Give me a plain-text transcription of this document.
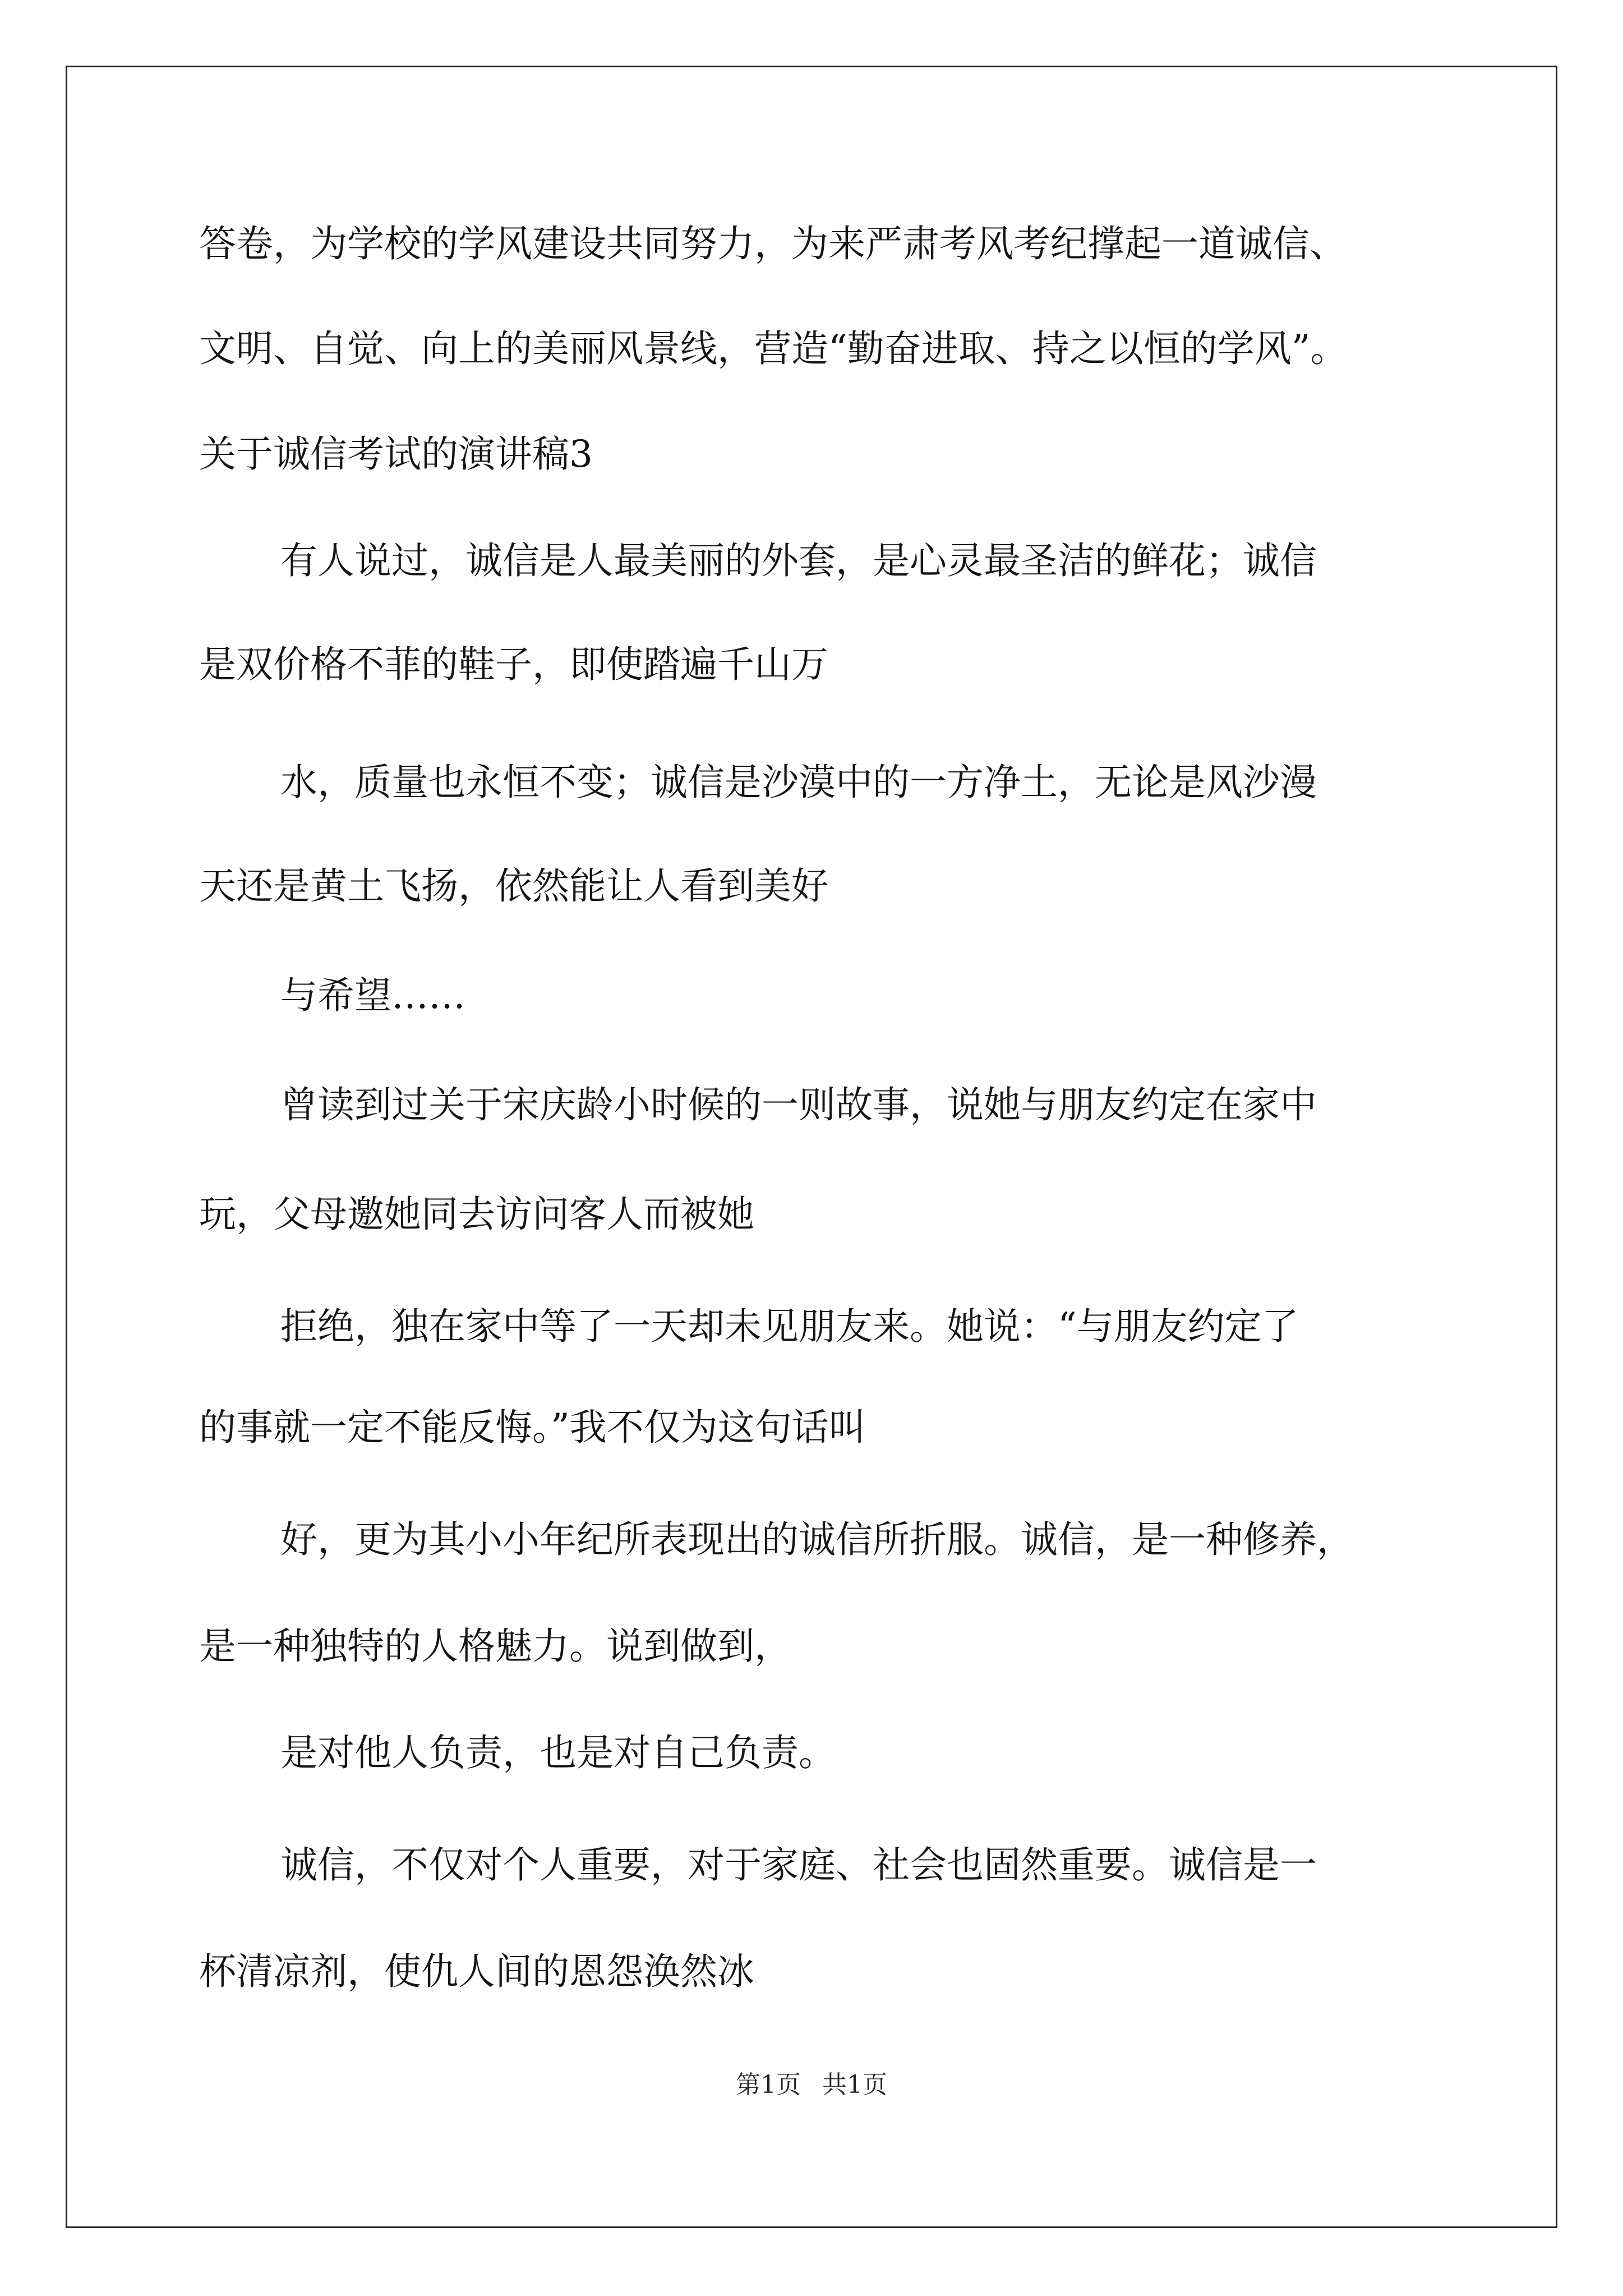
答卷，为学校的学风建设共同努力，为来严肃考风考纪撑起一道诚信、
文明、自觉、向上的美丽风景线，营造“勤奋进取、持之以恒的学风”。
关于诚信考试的演讲稿3
有人说过，诚信是人最美丽的外套，是心灵最圣洁的鲜花；诚信
是双价格不菲的鞋子，即使踏遍千山万
水，质量也永恒不变；诚信是沙漠中的一方净土，无论是风沙漫
天还是黄土飞扬，依然能让人看到美好
与希望……
曾读到过关于宋庆龄小时候的一则故事，说她与朋友约定在家中
玩，父母邀她同去访问客人而被她
拒绝，独在家中等了一天却未见朋友来。她说：“与朋友约定了
的事就一定不能反悔。”我不仅为这句话叫
好，更为其小小年纪所表现出的诚信所折服。诚信，是一种修养，
是一种独特的人格魅力。说到做到，
是对他人负责，也是对自己负责。
诚信，不仅对个人重要，对于家庭、社会也固然重要。诚信是一
杯清凉剂，使仇人间的恩怨涣然冰
第1页 共1页
